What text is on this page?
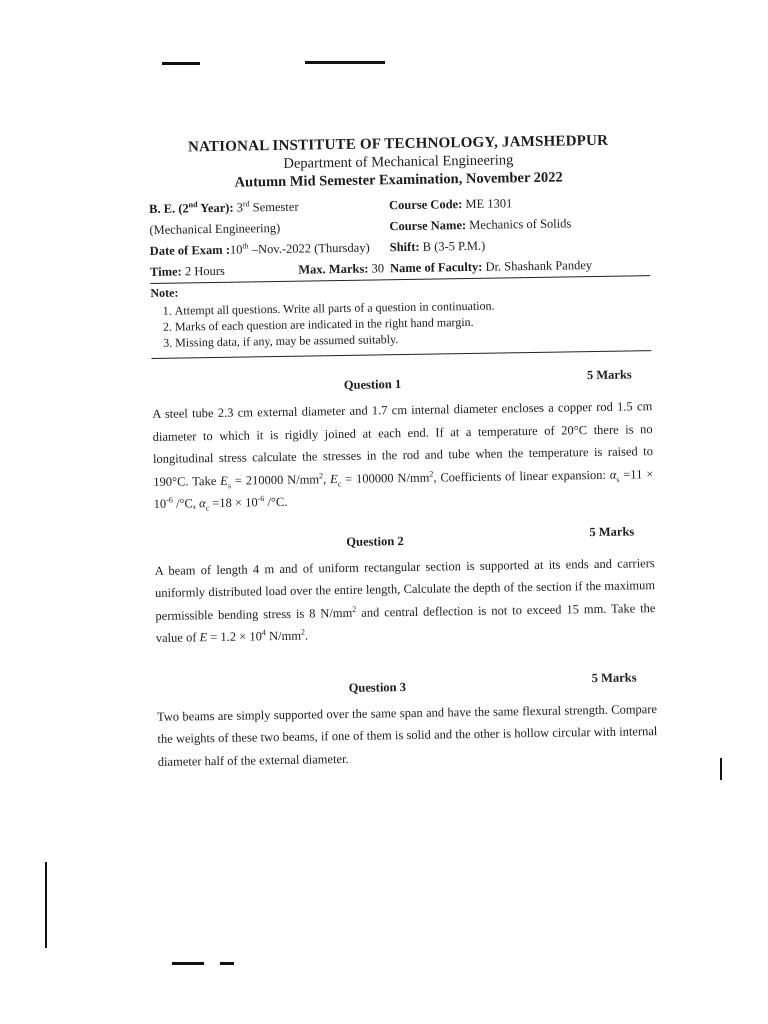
NATIONAL INSTITUTE OF TECHNOLOGY, JAMSHEDPUR
Department of Mechanical Engineering
Autumn Mid Semester Examination, November 2022
B. E. (2nd Year): 3rd Semester	Course Code: ME 1301
(Mechanical Engineering)	Course Name: Mechanics of Solids
Date of Exam :10th –Nov.-2022 (Thursday)	Shift: B (3-5 P.M.)
Time: 2 Hours	Max. Marks: 30 Name of Faculty: Dr. Shashank Pandey
Note:
1. Attempt all questions. Write all parts of a question in continuation.
2. Marks of each question are indicated in the right hand margin.
3. Missing data, if any, may be assumed suitably.
Question 1
5 Marks
A steel tube 2.3 cm external diameter and 1.7 cm internal diameter encloses a copper rod 1.5 cm diameter to which it is rigidly joined at each end. If at a temperature of 20°C there is no longitudinal stress calculate the stresses in the rod and tube when the temperature is raised to 190°C. Take $E_s = 210000$ $N/mm^2$, $E_c = 100000$ $N/mm^2$, Coefficients of linear expansion: $\alpha_s =11 \times 10^{-6}$ /°C, $\alpha_c =18 \times 10^{-6}$ /°C.
Question 2
5 Marks
A beam of length 4 m and of uniform rectangular section is supported at its ends and carriers uniformly distributed load over the entire length, Calculate the depth of the section if the maximum permissible bending stress is 8 $N/mm^2$ and central deflection is not to exceed 15 mm. Take the value of $E = 1.2 \times 10^4$ $N/mm^2$.
Question 3
5 Marks
Two beams are simply supported over the same span and have the same flexural strength. Compare the weights of these two beams, if one of them is solid and the other is hollow circular with internal diameter half of the external diameter.
